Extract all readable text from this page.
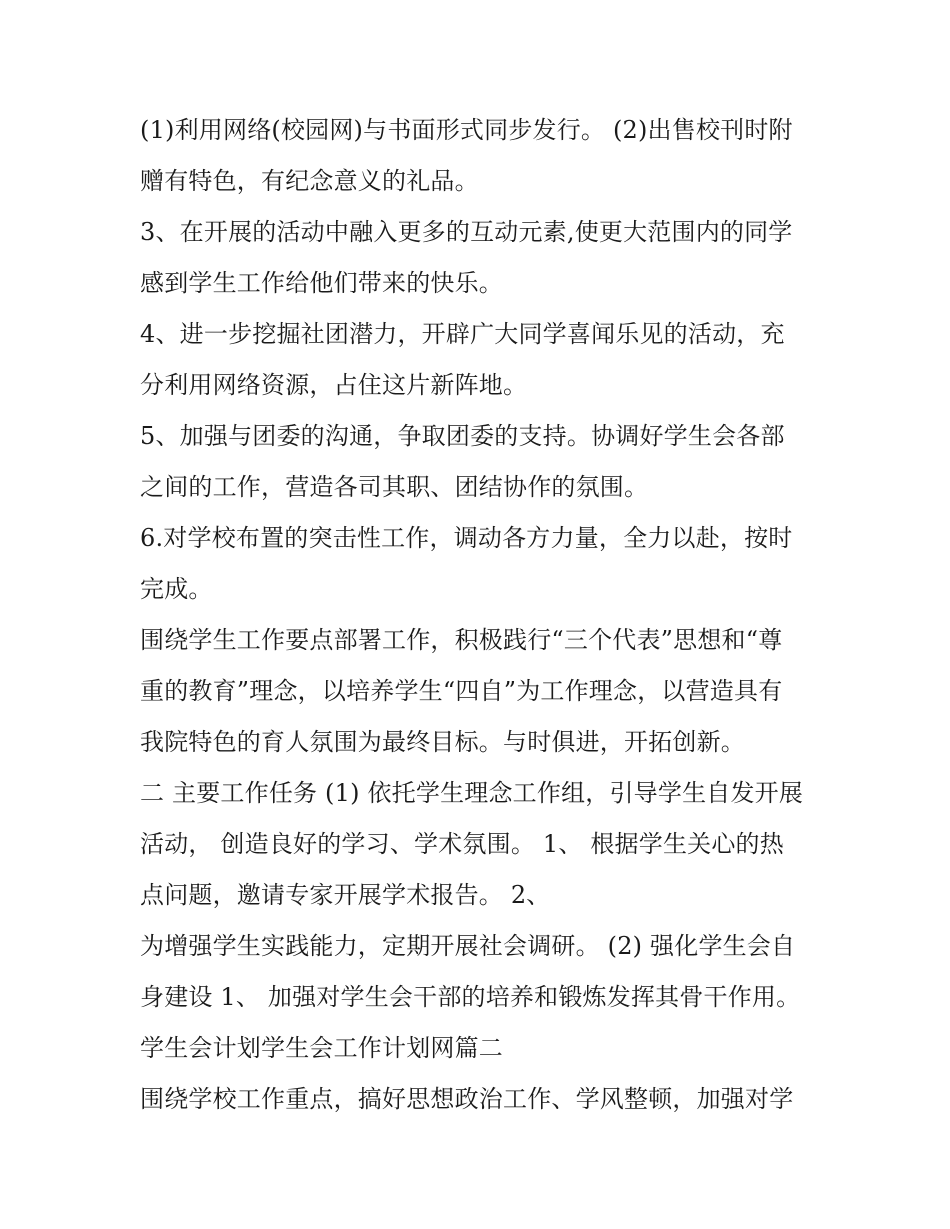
(1)利用网络(校园网)与书面形式同步发行。 (2)出售校刊时附
赠有特色，有纪念意义的礼品。
3、在开展的活动中融入更多的互动元素,使更大范围内的同学
感到学生工作给他们带来的快乐。
4、进一步挖掘社团潜力，开辟广大同学喜闻乐见的活动，充
分利用网络资源，占住这片新阵地。
5、加强与团委的沟通，争取团委的支持。协调好学生会各部
之间的工作，营造各司其职、团结协作的氛围。
6.对学校布置的突击性工作，调动各方力量，全力以赴，按时
完成。
围绕学生工作要点部署工作，积极践行“三个代表”思想和“尊
重的教育”理念，以培养学生“四自”为工作理念，以营造具有
我院特色的育人氛围为最终目标。与时俱进，开拓创新。
二 主要工作任务 (1) 依托学生理念工作组，引导学生自发开展
活动， 创造良好的学习、学术氛围。 1、 根据学生关心的热
点问题，邀请专家开展学术报告。 2、
为增强学生实践能力，定期开展社会调研。 (2) 强化学生会自
身建设 1、 加强对学生会干部的培养和锻炼发挥其骨干作用。
学生会计划学生会工作计划网篇二
围绕学校工作重点，搞好思想政治工作、学风整顿，加强对学
